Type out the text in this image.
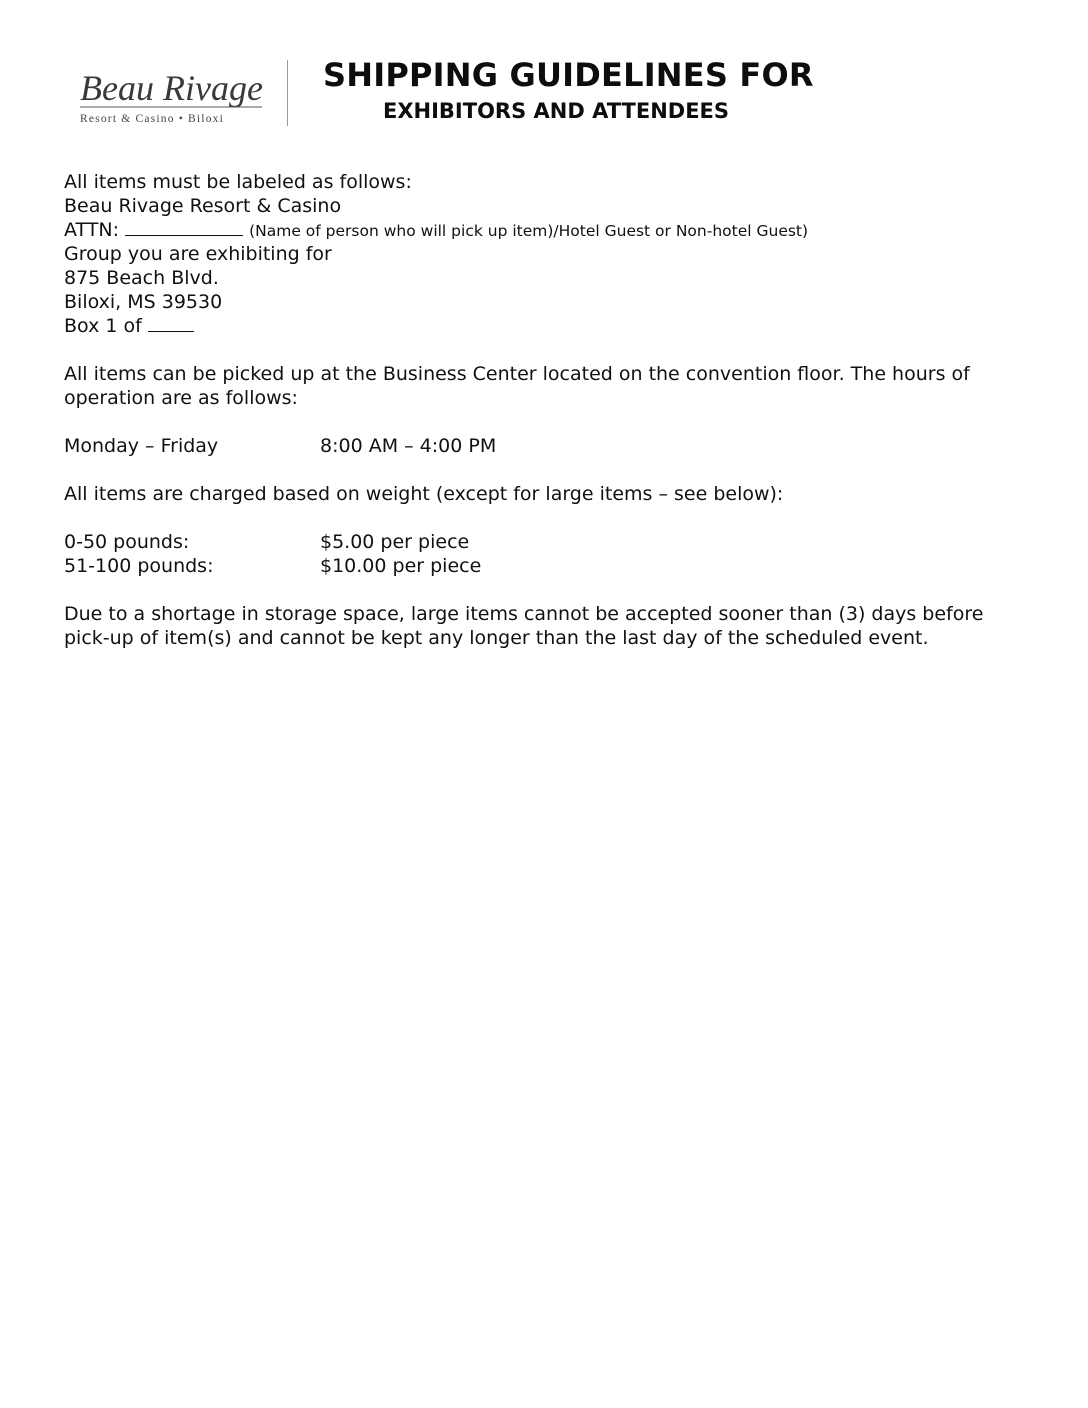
Beau Rivage
Resort & Casino • Biloxi
SHIPPING GUIDELINES FOR
EXHIBITORS AND ATTENDEES
All items must be labeled as follows:
Beau Rivage Resort & Casino
ATTN:	(Name of person who will pick up item)/Hotel Guest or Non-hotel Guest)
Group you are exhibiting for
875 Beach Blvd.
Biloxi, MS 39530
Box 1 of
All items can be picked up at the Business Center located on the convention floor. The hours of operation are as follows:
Monday – Friday	8:00 AM – 4:00 PM
All items are charged based on weight (except for large items – see below):
0-50 pounds:	$5.00 per piece
51-100 pounds:	$10.00 per piece
Due to a shortage in storage space, large items cannot be accepted sooner than (3) days before pick-up of item(s) and cannot be kept any longer than the last day of the scheduled event.
